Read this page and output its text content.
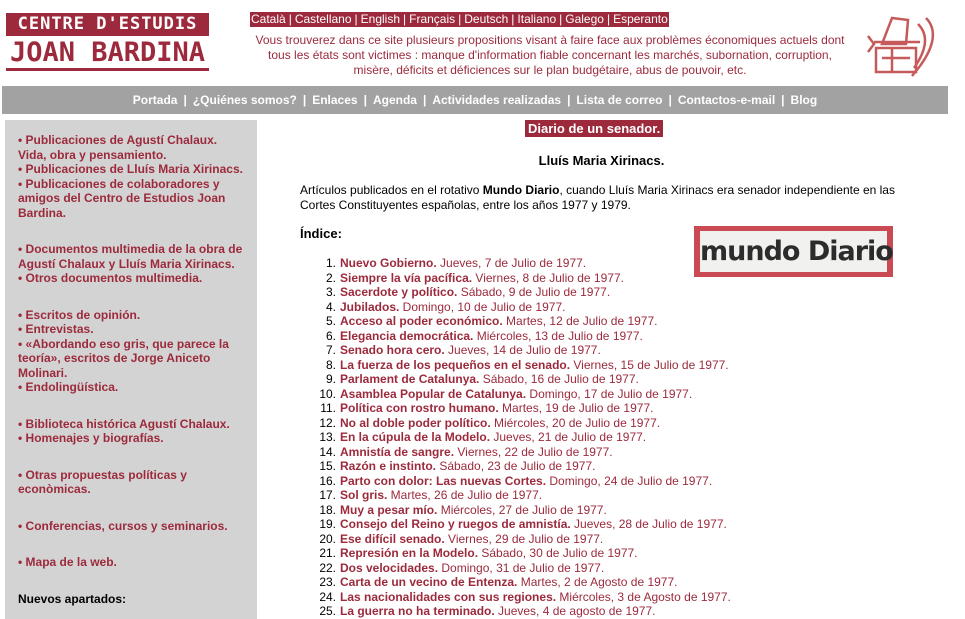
CENTRE D'ESTUDIS
JOAN BARDINA
Català | Castellano | English | Français | Deutsch | Italiano | Galego | Esperanto
Vous trouverez dans ce site plusieurs propositions visant à faire face aux problèmes économiques actuels dont tous les états sont victimes : manque d'information fiable concernant les marchés, subornation, corruption, misère, déficits et déficiences sur le plan budgétaire, abus de pouvoir, etc.
Portada | ¿Quiénes somos? | Enlaces | Agenda | Actividades realizadas | Lista de correo | Contactos-e-mail | Blog
• Publicaciones de Agustí Chalaux. Vida, obra y pensamiento.
• Publicaciones de Lluís Maria Xirinacs.
• Publicaciones de colaboradores y amigos del Centro de Estudios Joan Bardina.
• Documentos multimedia de la obra de Agustí Chalaux y Lluís Maria Xirinacs.
• Otros documentos multimedia.
• Escritos de opinión.
• Entrevistas.
• «Abordando eso gris, que parece la teoría», escritos de Jorge Aniceto Molinari.
• Endolingüística.
• Biblioteca histórica Agustí Chalaux.
• Homenajes y biografías.
• Otras propuestas políticas y econòmicas.
• Conferencias, cursos y seminarios.
• Mapa de la web.
Nuevos apartados:
Diario de un senador.
Lluís Maria Xirinacs.
Artículos publicados en el rotativo Mundo Diario, cuando Lluís Maria Xirinacs era senador independiente en las Cortes Constituyentes españolas, entre los años 1977 y 1979.
Índice:
mundo Diario
1. Nuevo Gobierno. Jueves, 7 de Julio de 1977.
2. Siempre la vía pacífica. Viernes, 8 de Julio de 1977.
3. Sacerdote y político. Sábado, 9 de Julio de 1977.
4. Jubilados. Domingo, 10 de Julio de 1977.
5. Acceso al poder económico. Martes, 12 de Julio de 1977.
6. Elegancia democrática. Miércoles, 13 de Julio de 1977.
7. Senado hora cero. Jueves, 14 de Julio de 1977.
8. La fuerza de los pequeños en el senado. Viernes, 15 de Julio de 1977.
9. Parlament de Catalunya. Sábado, 16 de Julio de 1977.
10. Asamblea Popular de Catalunya. Domingo, 17 de Julio de 1977.
11. Política con rostro humano. Martes, 19 de Julio de 1977.
12. No al doble poder político. Miércoles, 20 de Julio de 1977.
13. En la cúpula de la Modelo. Jueves, 21 de Julio de 1977.
14. Amnistía de sangre. Viernes, 22 de Julio de 1977.
15. Razón e instinto. Sábado, 23 de Julio de 1977.
16. Parto con dolor: Las nuevas Cortes. Domingo, 24 de Julio de 1977.
17. Sol gris. Martes, 26 de Julio de 1977.
18. Muy a pesar mío. Miércoles, 27 de Julio de 1977.
19. Consejo del Reino y ruegos de amnistía. Jueves, 28 de Julio de 1977.
20. Ese difícil senado. Viernes, 29 de Julio de 1977.
21. Represión en la Modelo. Sábado, 30 de Julio de 1977.
22. Dos velocidades. Domingo, 31 de Julio de 1977.
23. Carta de un vecino de Entenza. Martes, 2 de Agosto de 1977.
24. Las nacionalidades con sus regiones. Miércoles, 3 de Agosto de 1977.
25. La guerra no ha terminado. Jueves, 4 de agosto de 1977.
